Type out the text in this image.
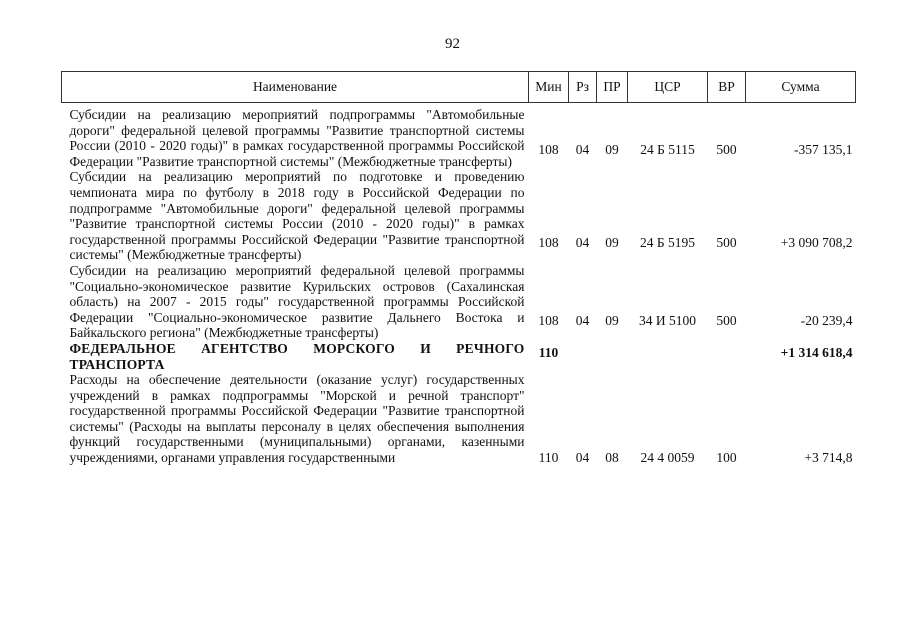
92
Наименование	Мин	Рз	ПР	ЦСР	ВР	Сумма
Субсидии на реализацию мероприятий подпрограммы "Автомобильные дороги" федеральной целевой программы "Развитие транспортной системы России (2010 - 2020 годы)" в рамках государственной программы Российской Федерации "Развитие транспортной системы" (Межбюджетные трансферты)	108	04	09	24 Б 5115	500	-357 135,1
Субсидии на реализацию мероприятий по подготовке и проведению чемпионата мира по футболу в 2018 году в Российской Федерации по подпрограмме "Автомобильные дороги" федеральной целевой программы "Развитие транспортной системы России (2010 - 2020 годы)" в рамках государственной программы Российской Федерации "Развитие транспортной системы" (Межбюджетные трансферты)	108	04	09	24 Б 5195	500	+3 090 708,2
Субсидии на реализацию мероприятий федеральной целевой программы "Социально-экономическое развитие Курильских островов (Сахалинская область) на 2007 - 2015 годы" государственной программы Российской Федерации "Социально-экономическое развитие Дальнего Востока и Байкальского региона" (Межбюджетные трансферты)	108	04	09	34 И 5100	500	-20 239,4
ФЕДЕРАЛЬНОЕ АГЕНТСТВО МОРСКОГО И РЕЧНОГО ТРАНСПОРТА	110					+1 314 618,4
Расходы на обеспечение деятельности (оказание услуг) государственных учреждений в рамках подпрограммы "Морской и речной транспорт" государственной программы Российской Федерации "Развитие транспортной системы" (Расходы на выплаты персоналу в целях обеспечения выполнения функций государственными (муниципальными) органами, казенными учреждениями, органами управления государственными	110	04	08	24 4 0059	100	+3 714,8
